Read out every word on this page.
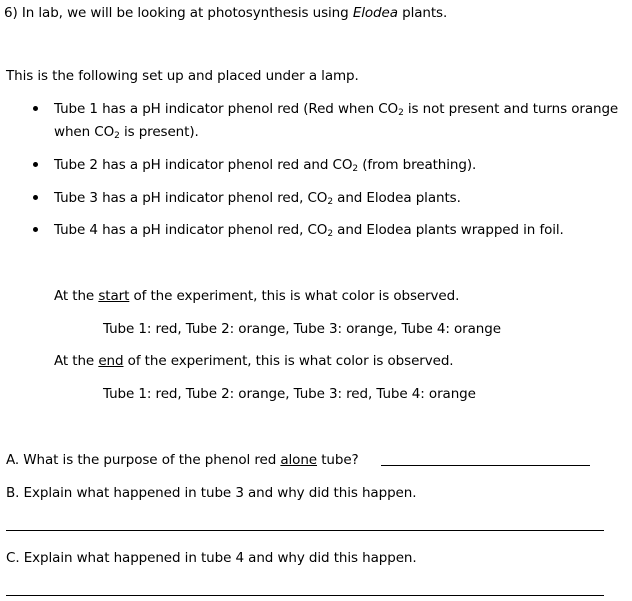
6) In lab, we will be looking at photosynthesis using Elodea plants.
This is the following set up and placed under a lamp.
Tube 1 has a pH indicator phenol red (Red when CO2 is not present and turns orange
when CO2 is present).
Tube 2 has a pH indicator phenol red and CO2 (from breathing).
Tube 3 has a pH indicator phenol red, CO2 and Elodea plants.
Tube 4 has a pH indicator phenol red, CO2 and Elodea plants wrapped in foil.
At the start of the experiment, this is what color is observed.
Tube 1: red, Tube 2: orange, Tube 3: orange, Tube 4: orange
At the end of the experiment, this is what color is observed.
Tube 1: red, Tube 2: orange, Tube 3: red, Tube 4: orange
A. What is the purpose of the phenol red alone tube?
B. Explain what happened in tube 3 and why did this happen.
C. Explain what happened in tube 4 and why did this happen.
